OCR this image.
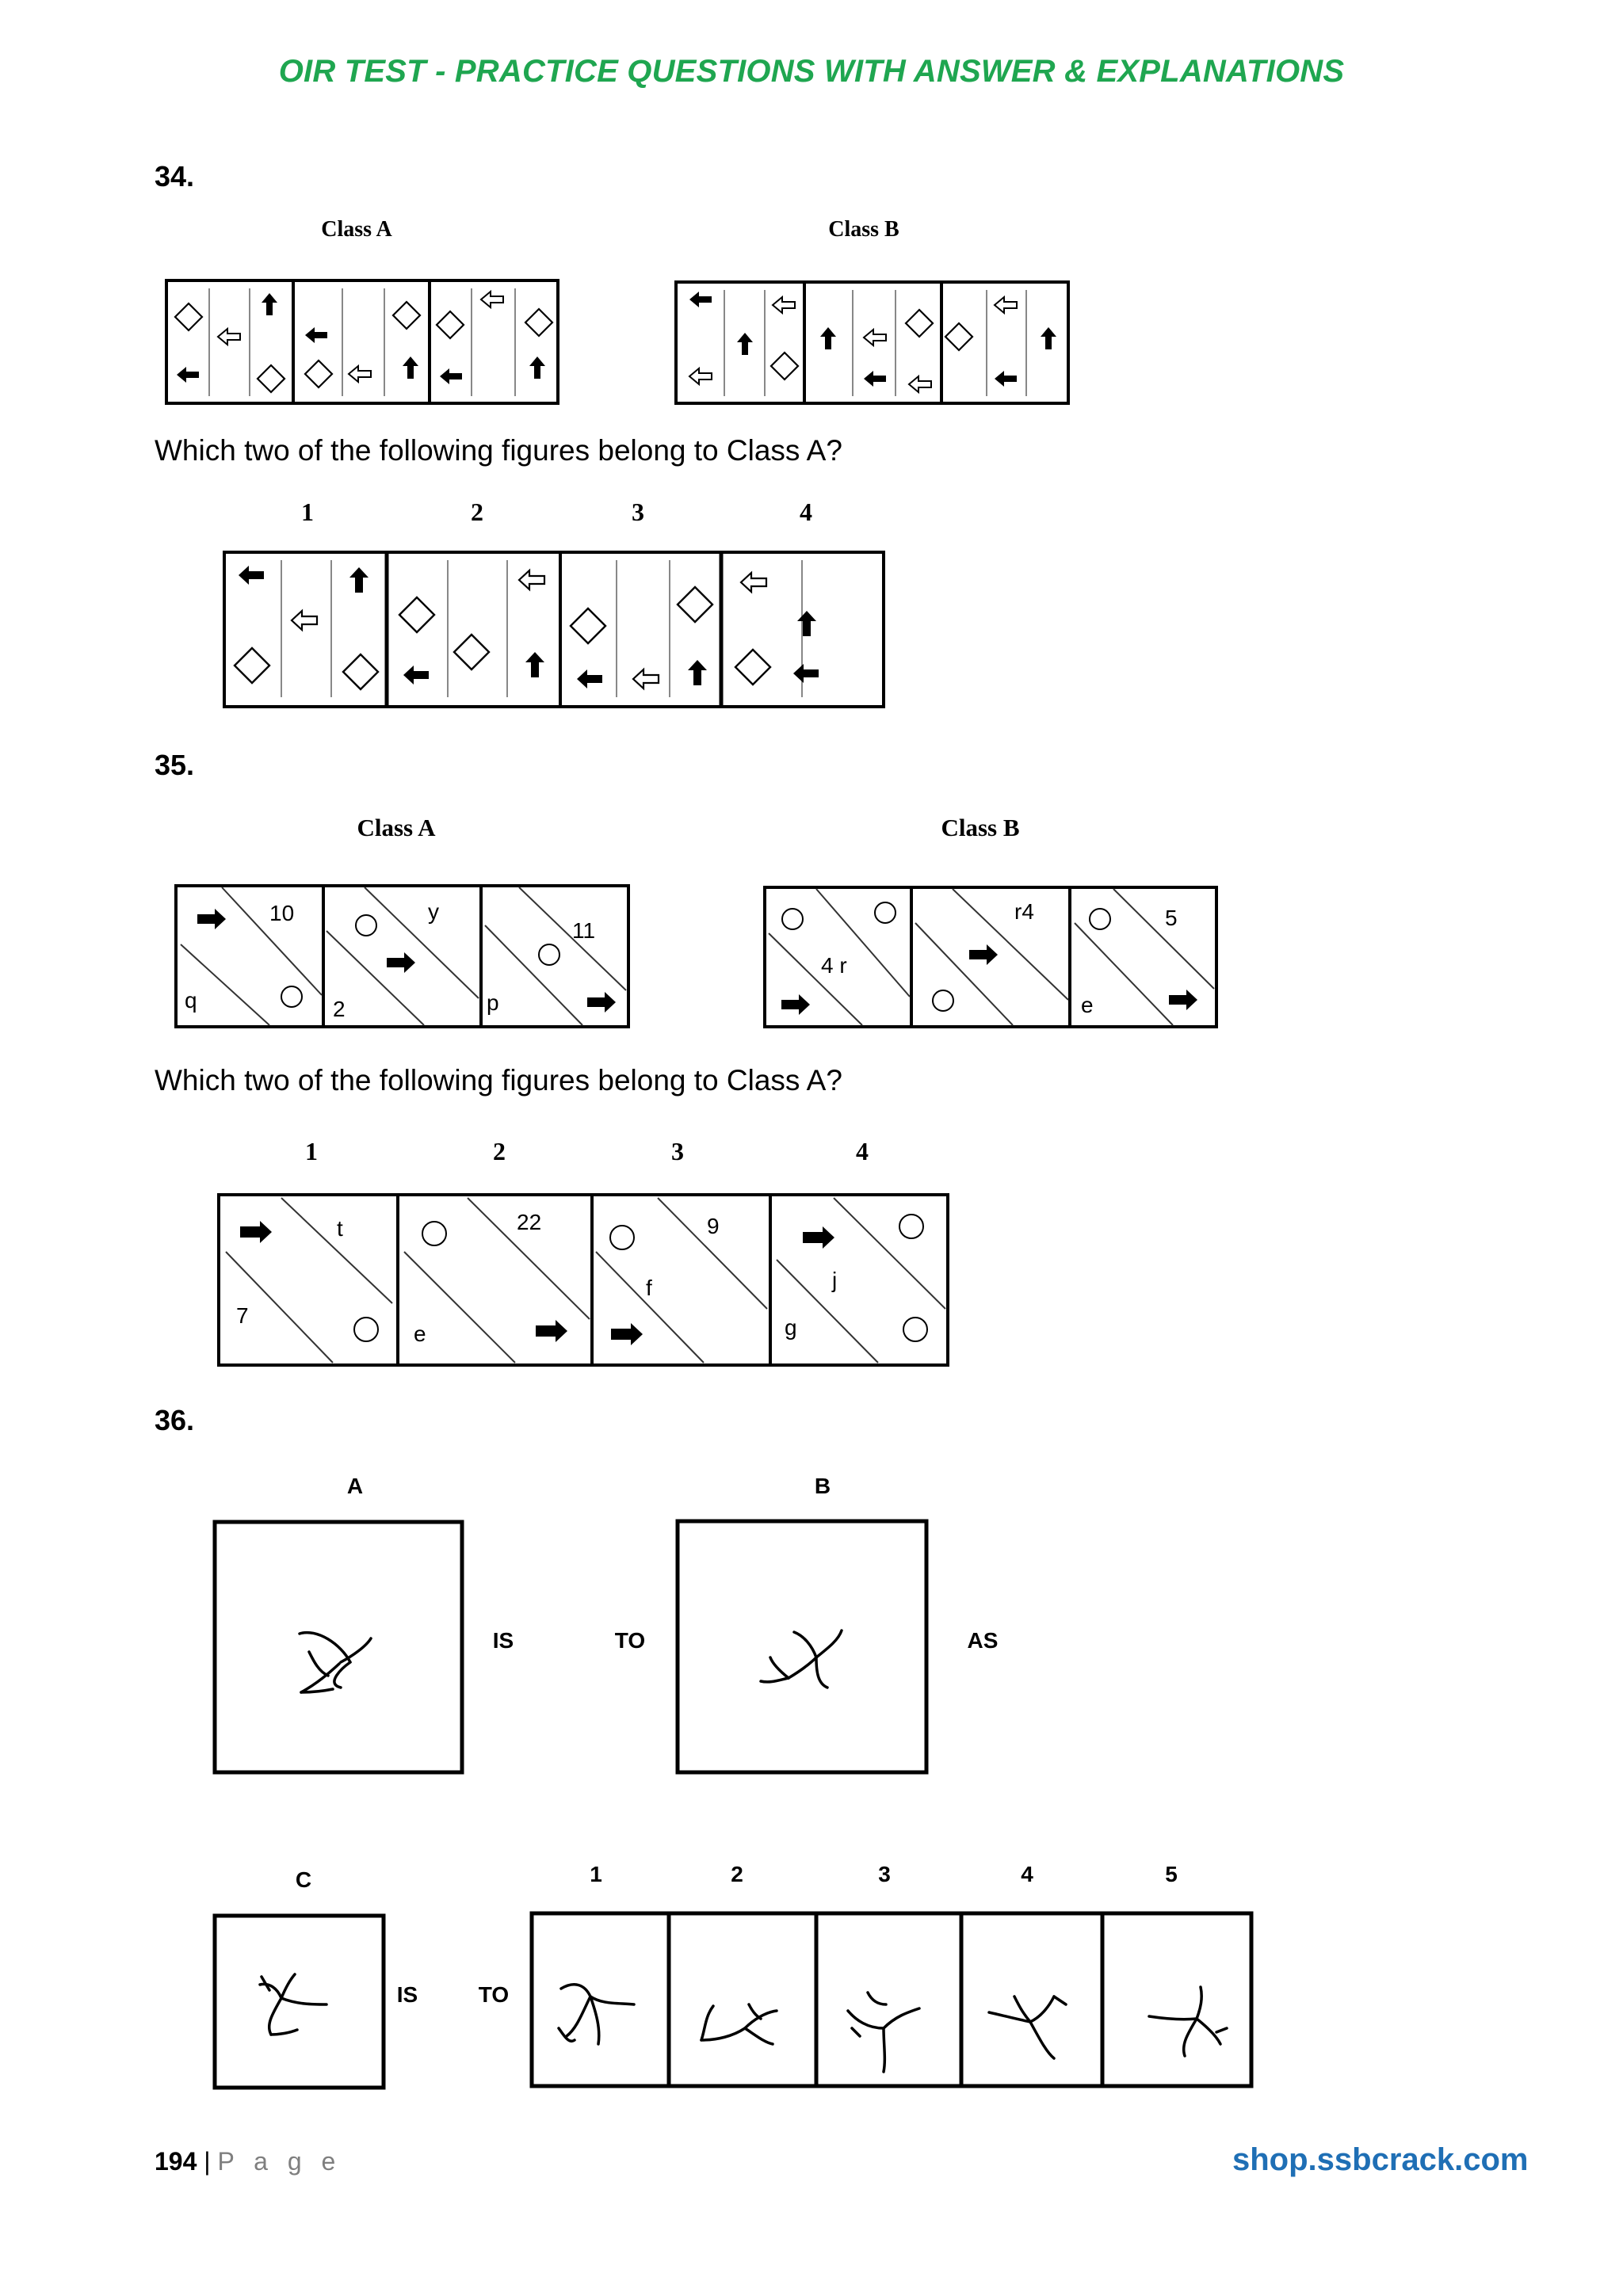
OIR TEST - PRACTICE QUESTIONS WITH ANSWER & EXPLANATIONS
34.
Class A	Class B
Which two of the following figures belong to Class A?
1	2	3	4
35.
Class A	Class B
10
q
y
2
11
p
4 r
r4	5
e
Which two of the following figures belong to Class A?
1	2	3	4
t
7
22
e
9
f	j
g
36.
A	B
IS	TO	AS
C
IS	TO
1	2	3	4	5
194 | P a g e	shop.ssbcrack.com
